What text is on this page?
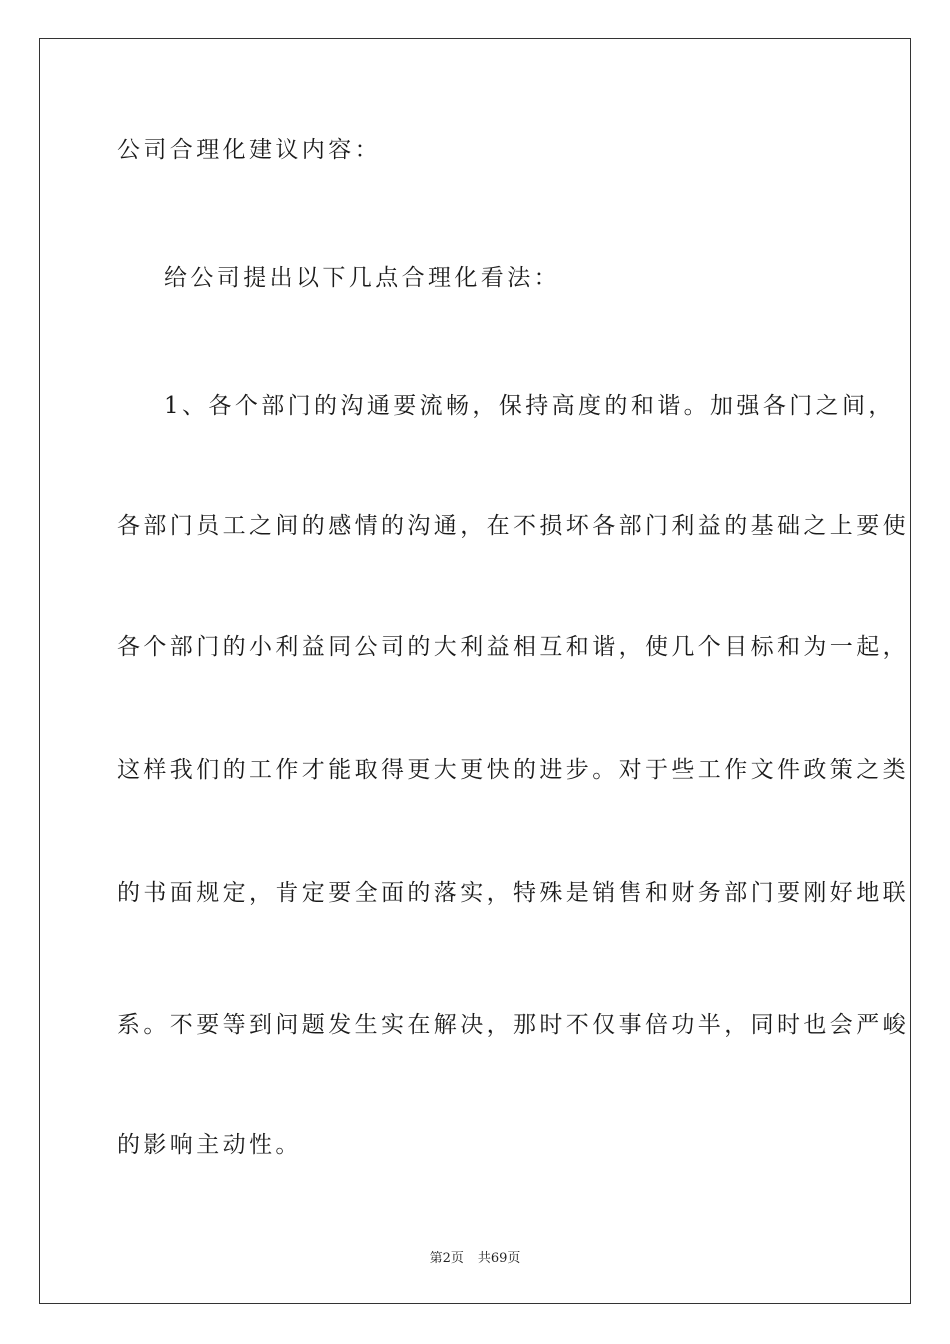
公司合理化建议内容：
给公司提出以下几点合理化看法：
1、各个部门的沟通要流畅，保持高度的和谐。加强各门之间，
各部门员工之间的感情的沟通，在不损坏各部门利益的基础之上要使
各个部门的小利益同公司的大利益相互和谐，使几个目标和为一起，
这样我们的工作才能取得更大更快的进步。对于些工作文件政策之类
的书面规定，肯定要全面的落实，特殊是销售和财务部门要刚好地联
系。不要等到问题发生实在解决，那时不仅事倍功半，同时也会严峻
的影响主动性。
第2页 共69页
